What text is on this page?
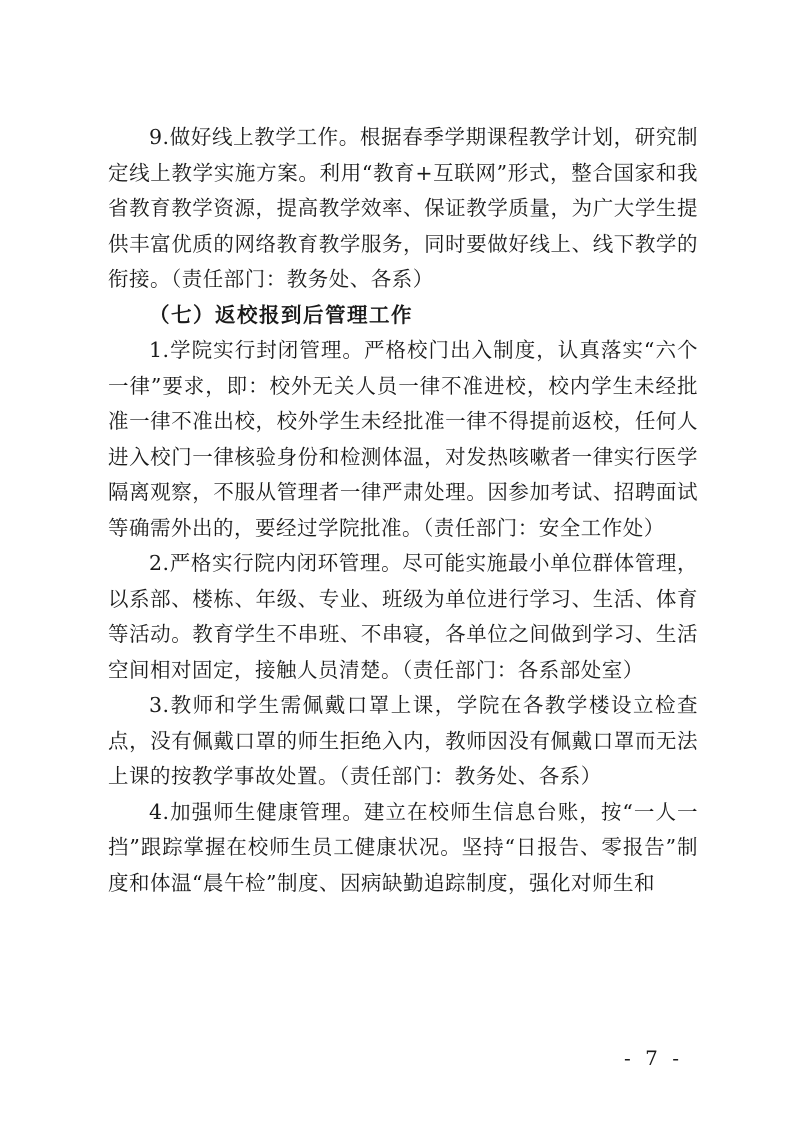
9.做好线上教学工作。根据春季学期课程教学计划，研究制定线上教学实施方案。利用“教育+互联网”形式，整合国家和我省教育教学资源，提高教学效率、保证教学质量，为广大学生提供丰富优质的网络教育教学服务，同时要做好线上、线下教学的衔接。（责任部门：教务处、各系）

（七）返校报到后管理工作

1.学院实行封闭管理。严格校门出入制度，认真落实“六个一律”要求，即：校外无关人员一律不准进校，校内学生未经批准一律不准出校，校外学生未经批准一律不得提前返校，任何人进入校门一律核验身份和检测体温，对发热咳嗽者一律实行医学隔离观察，不服从管理者一律严肃处理。因参加考试、招聘面试等确需外出的，要经过学院批准。（责任部门：安全工作处）

2.严格实行院内闭环管理。尽可能实施最小单位群体管理，以系部、楼栋、年级、专业、班级为单位进行学习、生活、体育等活动。教育学生不串班、不串寝，各单位之间做到学习、生活空间相对固定，接触人员清楚。（责任部门：各系部处室）

3.教师和学生需佩戴口罩上课，学院在各教学楼设立检查点，没有佩戴口罩的师生拒绝入内，教师因没有佩戴口罩而无法上课的按教学事故处置。（责任部门：教务处、各系）

4.加强师生健康管理。建立在校师生信息台账，按“一人一挡”跟踪掌握在校师生员工健康状况。坚持“日报告、零报告”制度和体温“晨午检”制度、因病缺勤追踪制度，强化对师生和

- 7 -
